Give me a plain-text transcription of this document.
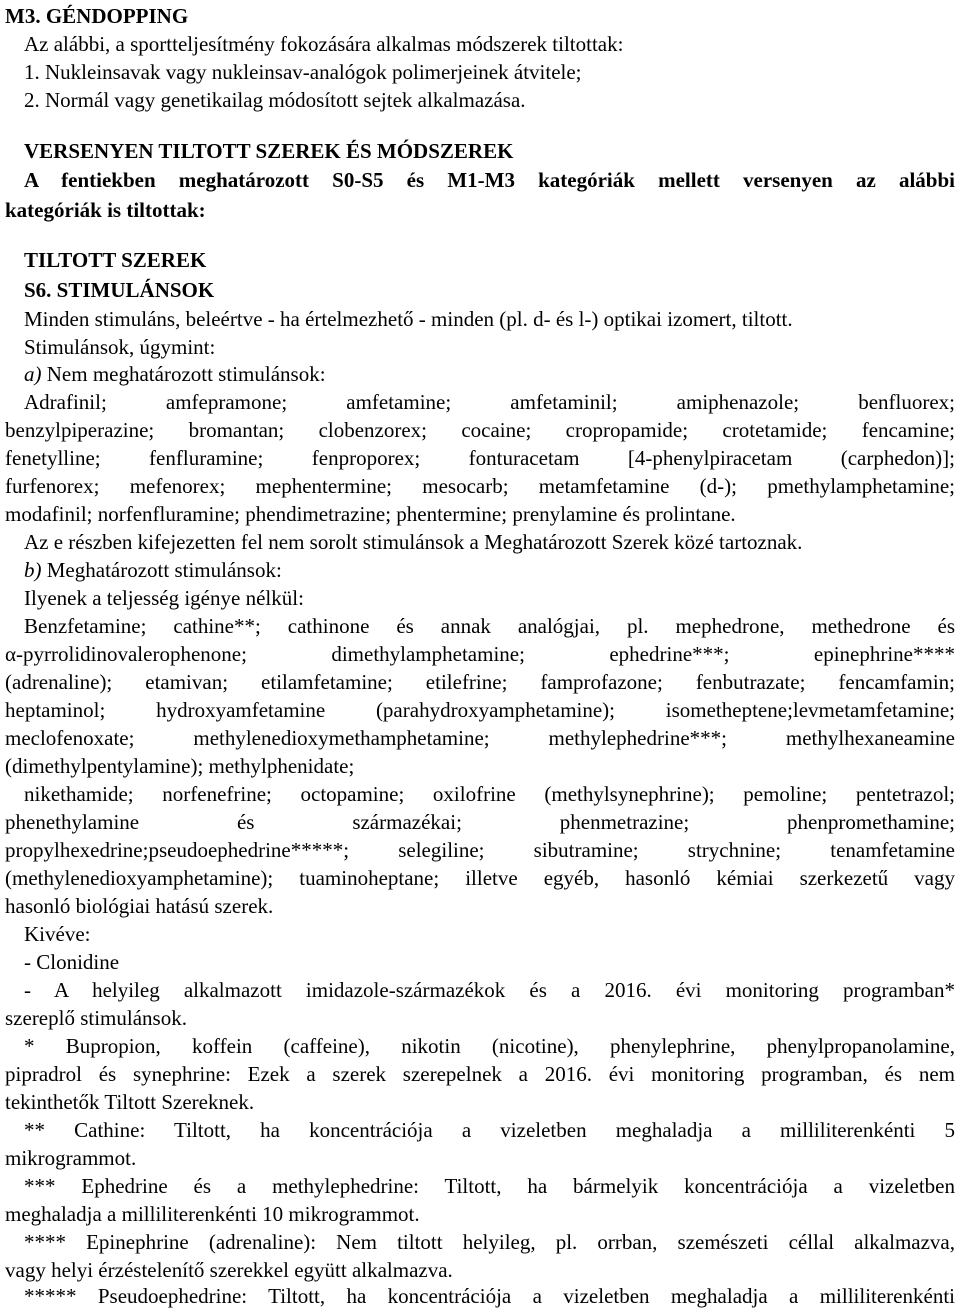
M3. GÉNDOPPING
Az alábbi, a sportteljesítmény fokozására alkalmas módszerek tiltottak:
1. Nukleinsavak vagy nukleinsav-analógok polimerjeinek átvitele;
2. Normál vagy genetikailag módosított sejtek alkalmazása.
VERSENYEN TILTOTT SZEREK ÉS MÓDSZEREK
A fentiekben meghatározott S0-S5 és M1-M3 kategóriák mellett versenyen az alábbi
kategóriák is tiltottak:
TILTOTT SZEREK
S6. STIMULÁNSOK
Minden stimuláns, beleértve - ha értelmezhető - minden (pl. d- és l-) optikai izomert, tiltott.
Stimulánsok, úgymint:
a) Nem meghatározott stimulánsok:
Adrafinil; amfepramone; amfetamine; amfetaminil; amiphenazole; benfluorex;
benzylpiperazine; bromantan; clobenzorex; cocaine; cropropamide; crotetamide; fencamine;
fenetylline; fenfluramine; fenproporex; fonturacetam [4-phenylpiracetam (carphedon)];
furfenorex; mefenorex; mephentermine; mesocarb; metamfetamine (d-); pmethylamphetamine;
modafinil; norfenfluramine; phendimetrazine; phentermine; prenylamine és prolintane.
Az e részben kifejezetten fel nem sorolt stimulánsok a Meghatározott Szerek közé tartoznak.
b) Meghatározott stimulánsok:
Ilyenek a teljesség igénye nélkül:
Benzfetamine; cathine**; cathinone és annak analógjai, pl. mephedrone, methedrone és
α-pyrrolidinovalerophenone; dimethylamphetamine; ephedrine***; epinephrine****
(adrenaline); etamivan; etilamfetamine; etilefrine; famprofazone; fenbutrazate; fencamfamin;
heptaminol; hydroxyamfetamine (parahydroxyamphetamine); isometheptene;levmetamfetamine;
meclofenoxate; methylenedioxymethamphetamine; methylephedrine***; methylhexaneamine
(dimethylpentylamine); methylphenidate;
nikethamide; norfenefrine; octopamine; oxilofrine (methylsynephrine); pemoline; pentetrazol;
phenethylamine és származékai; phenmetrazine; phenpromethamine;
propylhexedrine;pseudoephedrine*****; selegiline; sibutramine; strychnine; tenamfetamine
(methylenedioxyamphetamine); tuaminoheptane; illetve egyéb, hasonló kémiai szerkezetű vagy
hasonló biológiai hatású szerek.
Kivéve:
- Clonidine
- A helyileg alkalmazott imidazole-származékok és a 2016. évi monitoring programban*
szereplő stimulánsok.
* Bupropion, koffein (caffeine), nikotin (nicotine), phenylephrine, phenylpropanolamine,
pipradrol és synephrine: Ezek a szerek szerepelnek a 2016. évi monitoring programban, és nem
tekinthetők Tiltott Szereknek.
** Cathine: Tiltott, ha koncentrációja a vizeletben meghaladja a milliliterenkénti 5
mikrogrammot.
*** Ephedrine és a methylephedrine: Tiltott, ha bármelyik koncentrációja a vizeletben
meghaladja a milliliterenkénti 10 mikrogrammot.
**** Epinephrine (adrenaline): Nem tiltott helyileg, pl. orrban, szemészeti céllal alkalmazva,
vagy helyi érzéstelenítő szerekkel együtt alkalmazva.
***** Pseudoephedrine: Tiltott, ha koncentrációja a vizeletben meghaladja a milliliterenkénti
